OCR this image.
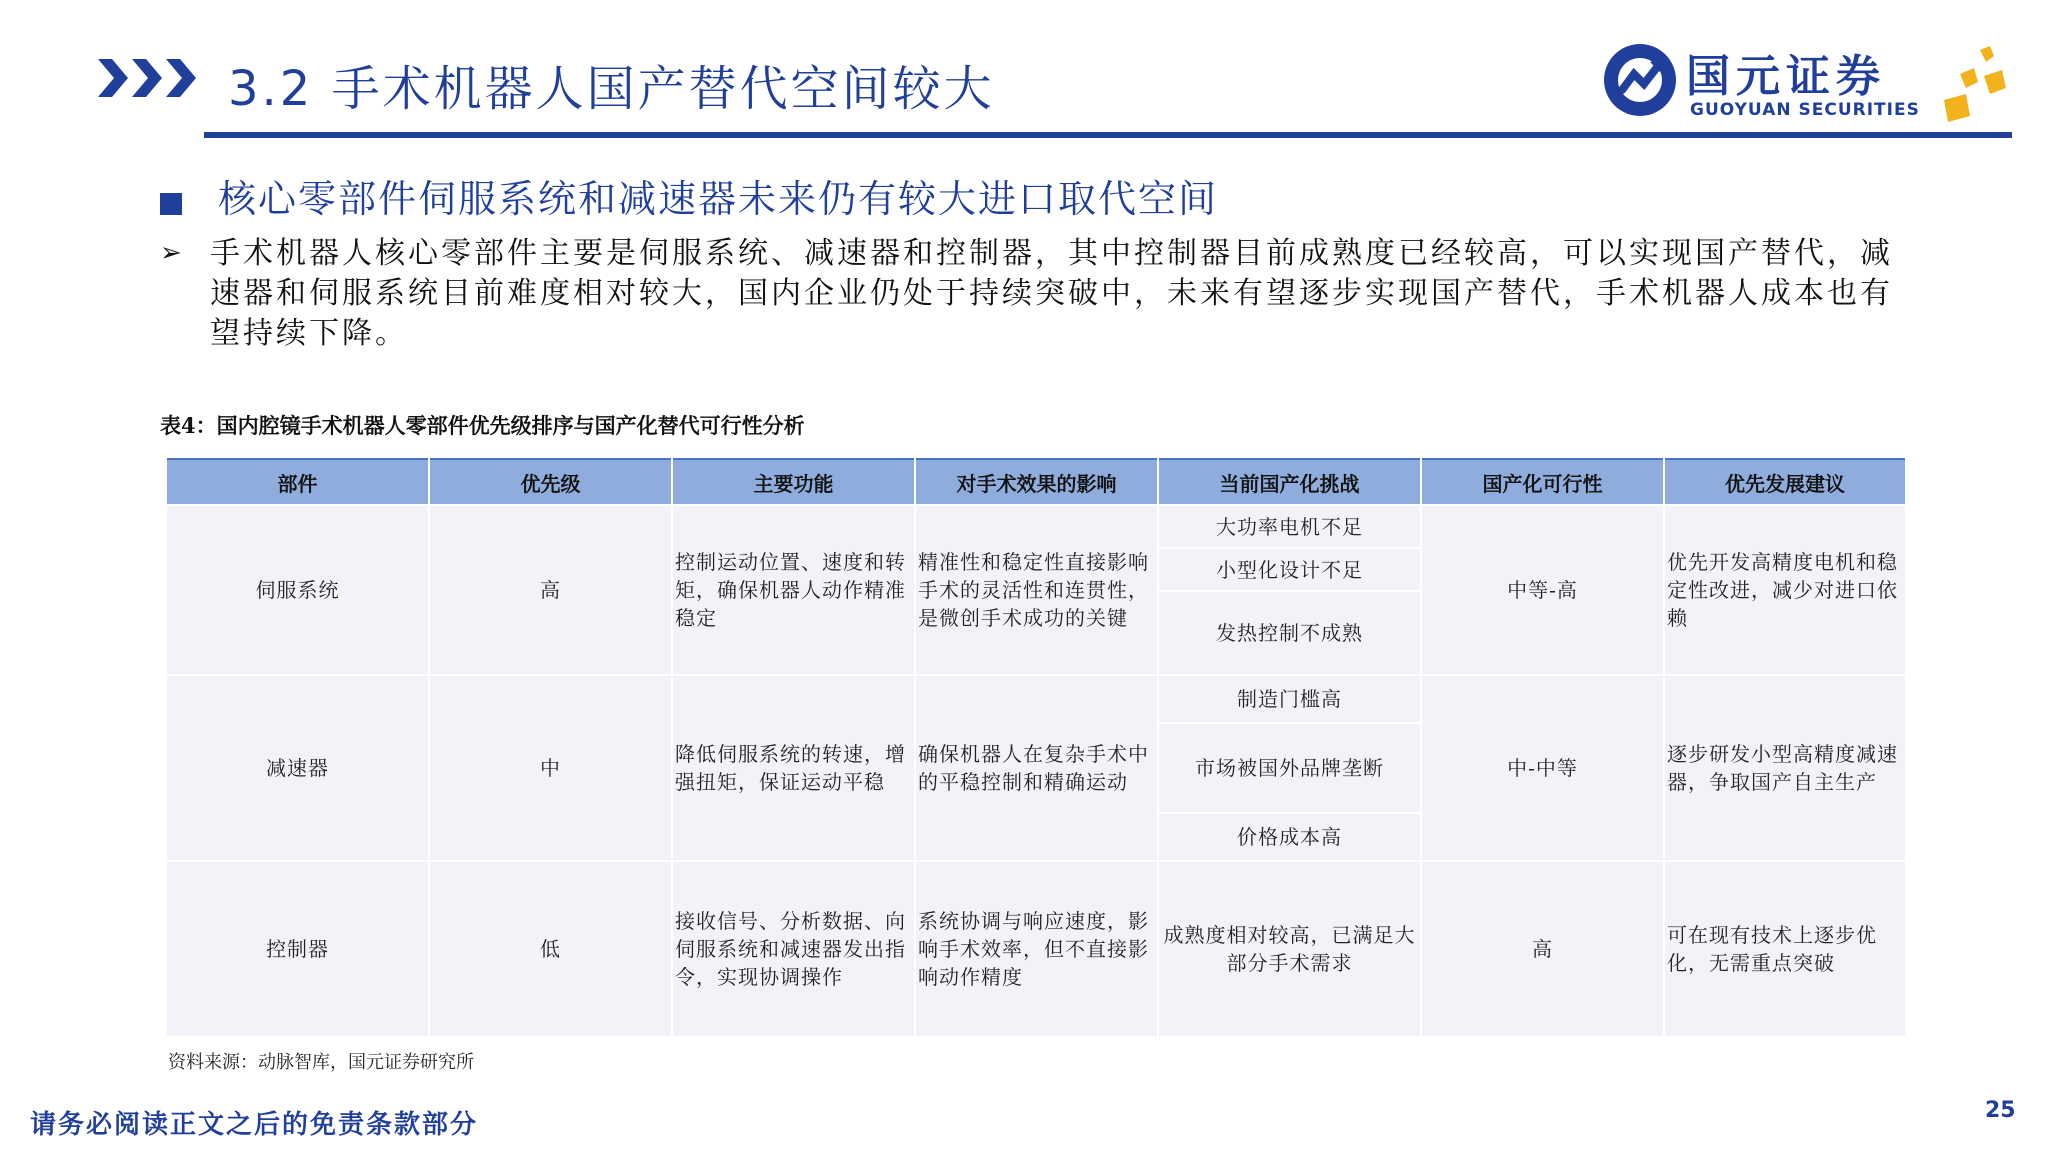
3.2 手术机器人国产替代空间较大	国元证券
GUOYUAN SECURITIES
核心零部件伺服系统和减速器未来仍有较大进口取代空间
➢ 手术机器人核心零部件主要是伺服系统、减速器和控制器，其中控制器目前成熟度已经较高，可以实现国产替代，减速器和伺服系统目前难度相对较大，国内企业仍处于持续突破中，未来有望逐步实现国产替代，手术机器人成本也有望持续下降。

表4：国内腔镜手术机器人零部件优先级排序与国产化替代可行性分析
部件	优先级	主要功能	对手术效果的影响	当前国产化挑战	国产化可行性	优先发展建议
伺服系统	高	控制运动位置、速度和转矩，确保机器人动作精准稳定	精准性和稳定性直接影响手术的灵活性和连贯性，是微创手术成功的关键	大功率电机不足	中等-高	优先开发高精度电机和稳定性改进，减少对进口依赖
				小型化设计不足		
				发热控制不成熟		
减速器	中	降低伺服系统的转速，增强扭矩，保证运动平稳	确保机器人在复杂手术中的平稳控制和精确运动	制造门槛高	中-中等	逐步研发小型高精度减速器，争取国产自主生产
				市场被国外品牌垄断		
				价格成本高		
控制器	低	接收信号、分析数据、向伺服系统和减速器发出指令，实现协调操作	系统协调与响应速度，影响手术效率，但不直接影响动作精度	成熟度相对较高，已满足大部分手术需求	高	可在现有技术上逐步优化，无需重点突破
资料来源：动脉智库，国元证券研究所
请务必阅读正文之后的免责条款部分	25
